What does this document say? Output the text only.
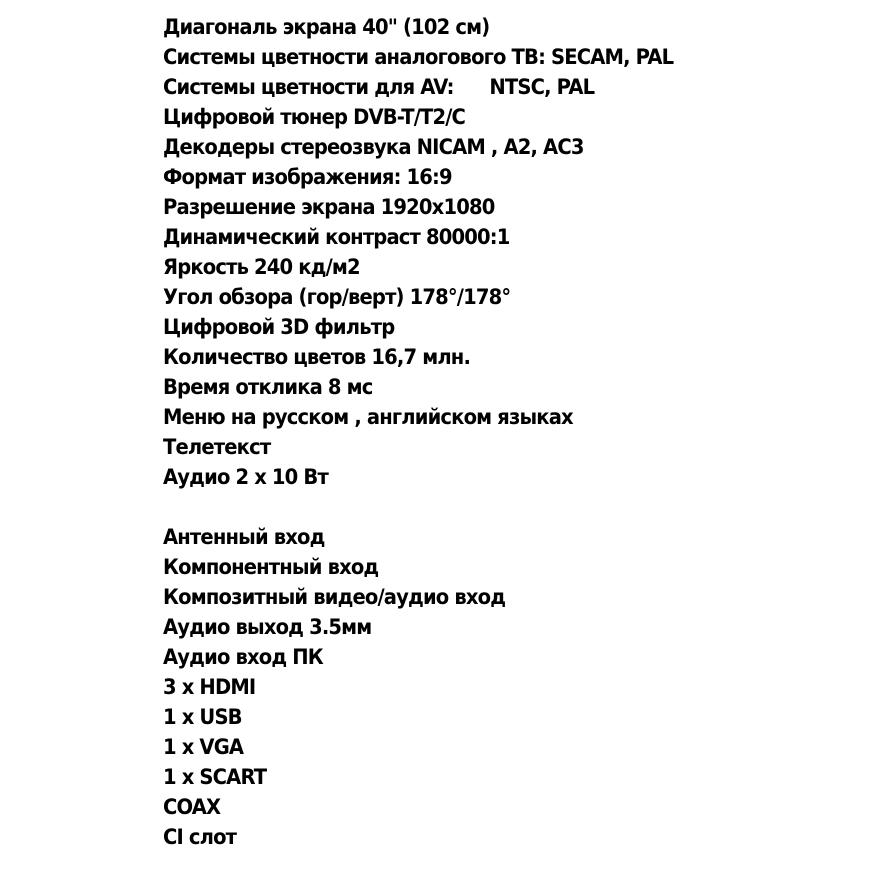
Диагональ экрана 40" (102 см)
Системы цветности аналогового ТВ: SECAM, PAL
Системы цветности для AV:      NTSC, PAL
Цифровой тюнер DVB-T/T2/C
Декодеры стереозвука NICAM , A2, AC3
Формат изображения: 16:9
Разрешение экрана 1920x1080
Динамический контраст 80000:1
Яркость 240 кд/м2
Угол обзора (гор/верт) 178°/178°
Цифровой 3D фильтр
Количество цветов 16,7 млн.
Время отклика 8 мс
Меню на русском , английском языках
Телетекст
Аудио 2 x 10 Вт
Антенный вход
Компонентный вход
Композитный видео/аудио вход
Аудио выход 3.5мм
Аудио вход ПК
3 x HDMI
1 x USB
1 x VGA
1 x SCART
COAX
CI слот
